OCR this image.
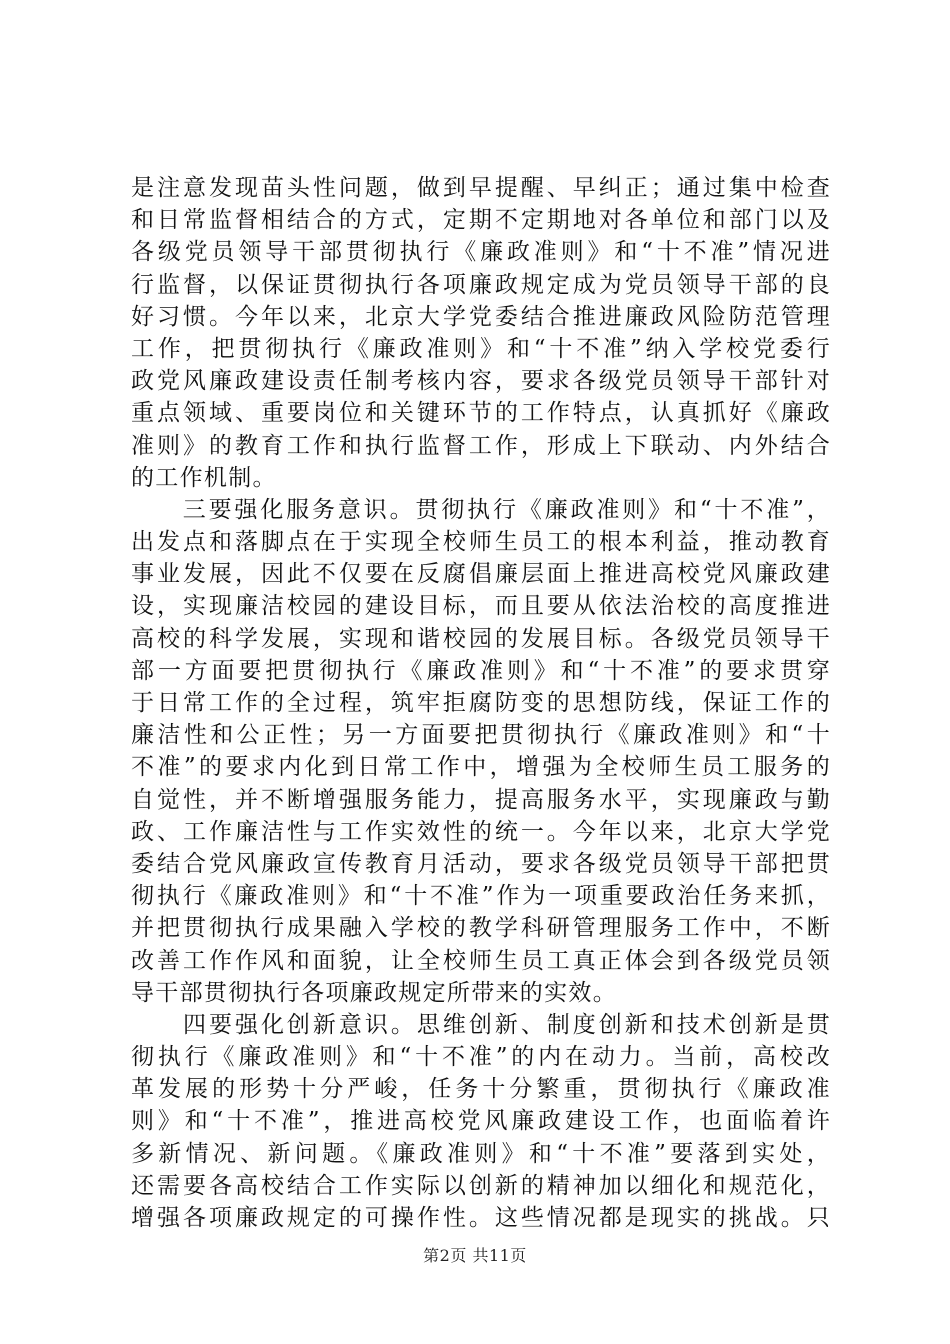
是注意发现苗头性问题，做到早提醒、早纠正；通过集中检查
和日常监督相结合的方式，定期不定期地对各单位和部门以及
各级党员领导干部贯彻执行《廉政准则》和“十不准”情况进
行监督，以保证贯彻执行各项廉政规定成为党员领导干部的良
好习惯。今年以来，北京大学党委结合推进廉政风险防范管理
工作，把贯彻执行《廉政准则》和“十不准”纳入学校党委行
政党风廉政建设责任制考核内容，要求各级党员领导干部针对
重点领域、重要岗位和关键环节的工作特点，认真抓好《廉政
准则》的教育工作和执行监督工作，形成上下联动、内外结合
的工作机制。

　　三要强化服务意识。贯彻执行《廉政准则》和“十不准”，
出发点和落脚点在于实现全校师生员工的根本利益，推动教育
事业发展，因此不仅要在反腐倡廉层面上推进高校党风廉政建
设，实现廉洁校园的建设目标，而且要从依法治校的高度推进
高校的科学发展，实现和谐校园的发展目标。各级党员领导干
部一方面要把贯彻执行《廉政准则》和“十不准”的要求贯穿
于日常工作的全过程，筑牢拒腐防变的思想防线，保证工作的
廉洁性和公正性；另一方面要把贯彻执行《廉政准则》和“十
不准”的要求内化到日常工作中，增强为全校师生员工服务的
自觉性，并不断增强服务能力，提高服务水平，实现廉政与勤
政、工作廉洁性与工作实效性的统一。今年以来，北京大学党
委结合党风廉政宣传教育月活动，要求各级党员领导干部把贯
彻执行《廉政准则》和“十不准”作为一项重要政治任务来抓，
并把贯彻执行成果融入学校的教学科研管理服务工作中，不断
改善工作作风和面貌，让全校师生员工真正体会到各级党员领
导干部贯彻执行各项廉政规定所带来的实效。

　　四要强化创新意识。思维创新、制度创新和技术创新是贯
彻执行《廉政准则》和“十不准”的内在动力。当前，高校改
革发展的形势十分严峻，任务十分繁重，贯彻执行《廉政准
则》和“十不准”，推进高校党风廉政建设工作，也面临着许
多新情况、新问题。《廉政准则》和“十不准”要落到实处，
还需要各高校结合工作实际以创新的精神加以细化和规范化，
增强各项廉政规定的可操作性。这些情况都是现实的挑战。只

第2页 共11页
